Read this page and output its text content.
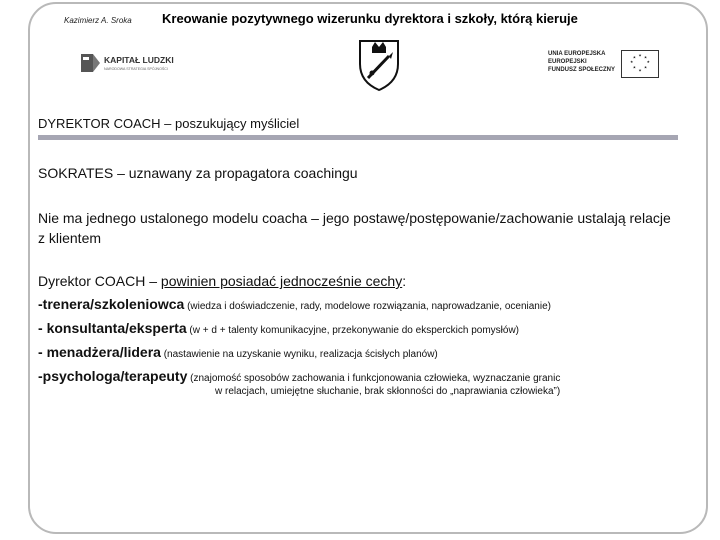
Kazimierz A. Sroka Kreowanie pozytywnego wizerunku dyrektora i szkoły, którą kieruje
KAPITAŁ LUDZKI
NARODOWA STRATEGIA SPÓJNOŚCI
UNIA EUROPEJSKA
EUROPEJSKI
FUNDUSZ SPOŁECZNY
★ ★
★
★
★
★
★
★
DYREKTOR COACH – poszukujący myśliciel
SOKRATES – uznawany za propagatora coachingu
Nie ma jednego ustalonego modelu coacha – jego postawę/postępowanie/zachowanie ustalają relacje z klientem
Dyrektor COACH – powinien posiadać jednocześnie cechy:
-trenera/szkoleniowca (wiedza i doświadczenie, rady, modelowe rozwiązania, naprowadzanie, ocenianie)
- konsultanta/eksperta (w + d + talenty komunikacyjne, przekonywanie do eksperckich pomysłów)
- menadżera/lidera (nastawienie na uzyskanie wyniku, realizacja ścisłych planów)
-psychologa/terapeuty (znajomość sposobów zachowania i funkcjonowania człowieka, wyznaczanie granic
w relacjach, umiejętne słuchanie, brak skłonności do „naprawiania człowieka”)
